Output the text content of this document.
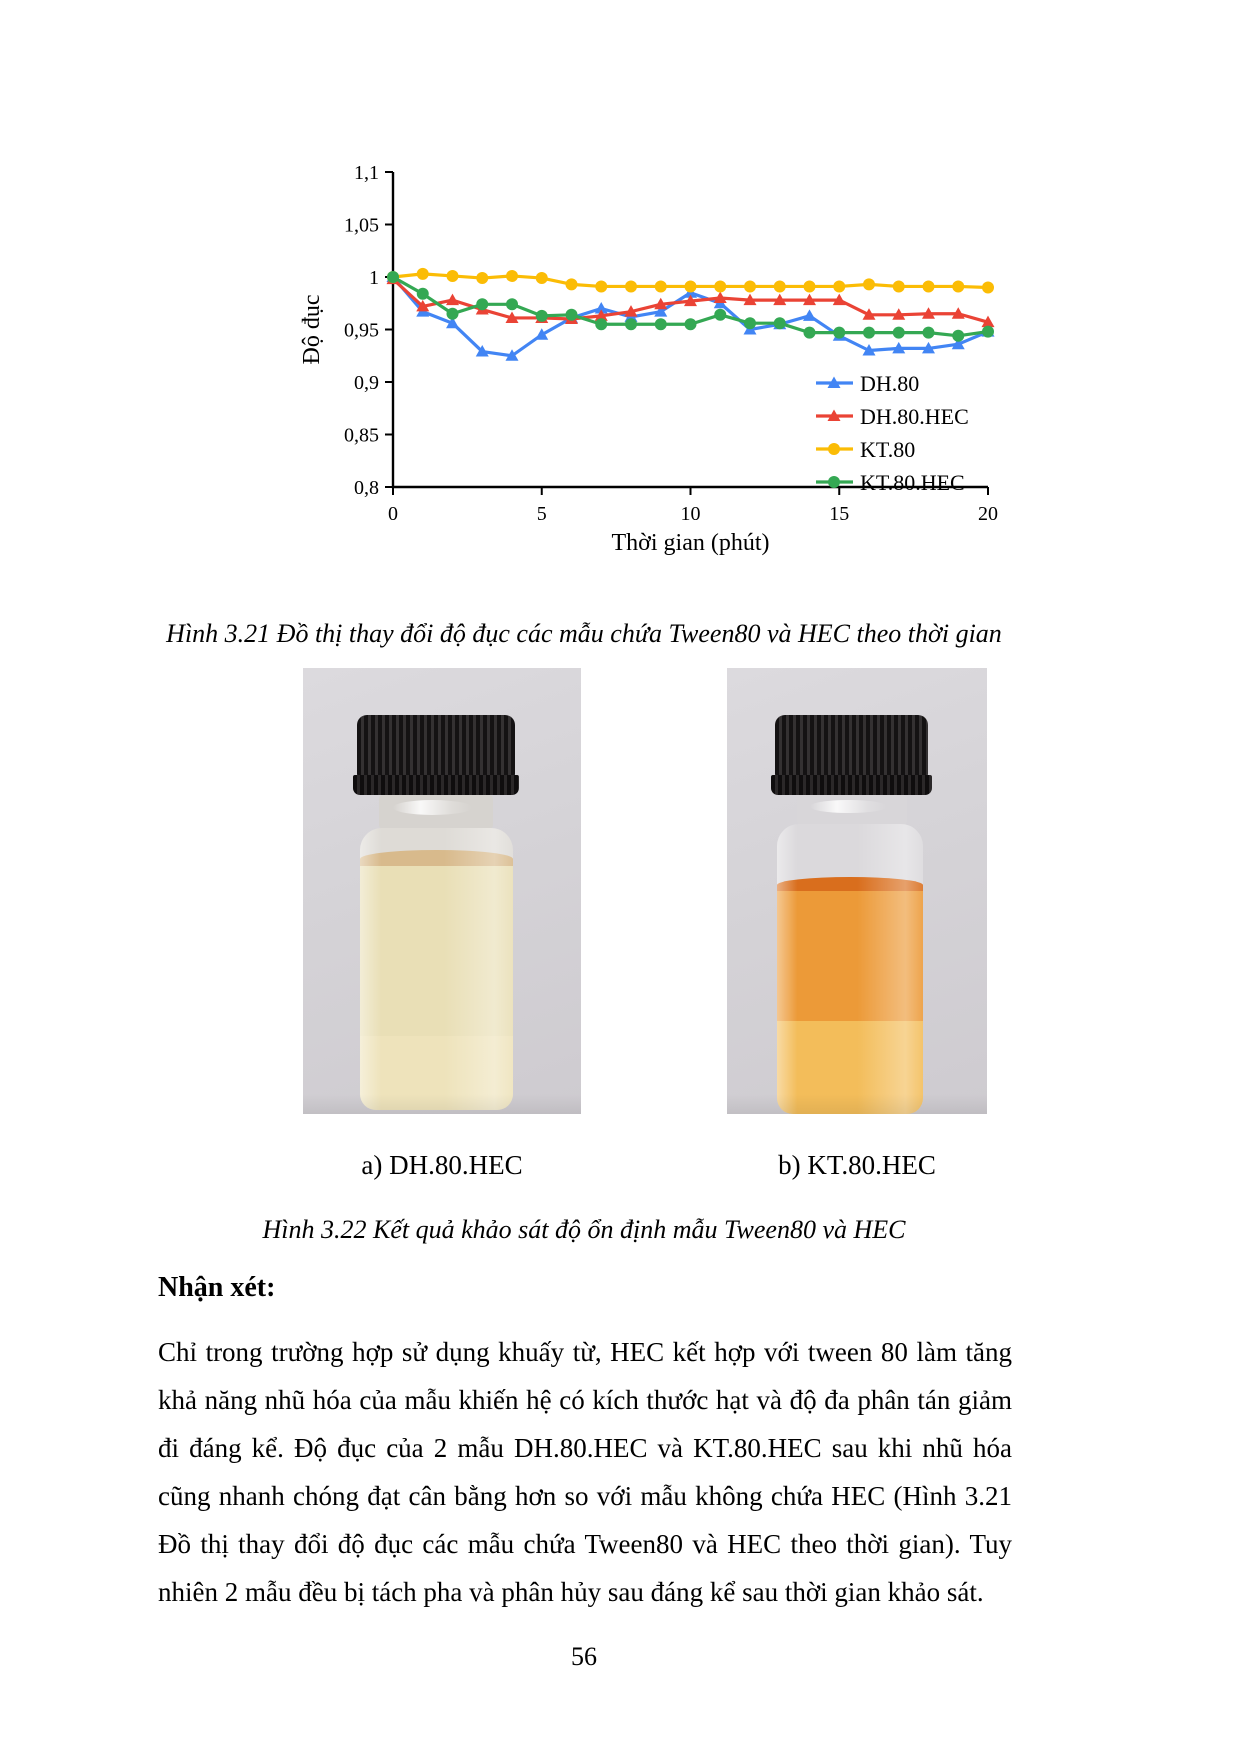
0,8
0,85
0,9
0,95
1
1,05
1,1
0	5	10	15	20
Độ đục
Thời gian (phút)
DH.80
DH.80.HEC
KT.80
KT.80.HEC
Hình 3.21 Đồ thị thay đổi độ đục các mẫu chứa Tween80 và HEC theo thời gian
a) DH.80.HEC	b) KT.80.HEC
Hình 3.22 Kết quả khảo sát độ ổn định mẫu Tween80 và HEC
Nhận xét:
Chỉ trong trường hợp sử dụng khuấy từ, HEC kết hợp với tween 80 làm tăng khả năng nhũ hóa của mẫu khiến hệ có kích thước hạt và độ đa phân tán giảm đi đáng kể. Độ đục của 2 mẫu DH.80.HEC và KT.80.HEC sau khi nhũ hóa cũng nhanh chóng đạt cân bằng hơn so với mẫu không chứa HEC (Hình 3.21 Đồ thị thay đổi độ đục các mẫu chứa Tween80 và HEC theo thời gian). Tuy nhiên 2 mẫu đều bị tách pha và phân hủy sau đáng kể sau thời gian khảo sát.
56
